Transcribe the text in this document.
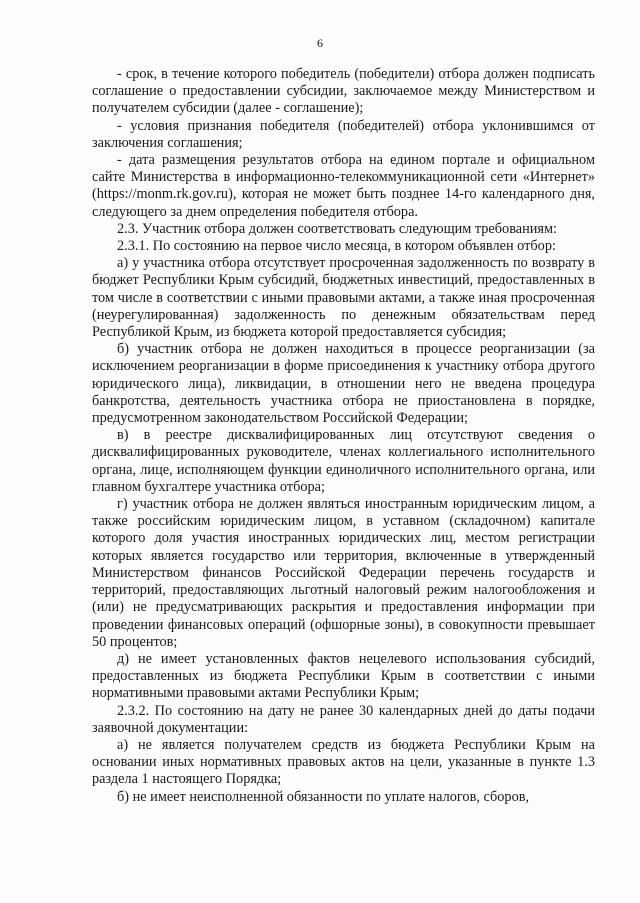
6

- срок, в течение которого победитель (победители) отбора должен подписать соглашение о предоставлении субсидии, заключаемое между Министерством и получателем субсидии (далее - соглашение);

- условия признания победителя (победителей) отбора уклонившимся от заключения соглашения;

- дата размещения результатов отбора на едином портале и официальном сайте Министерства в информационно-телекоммуникационной сети «Интернет» (https://monm.rk.gov.ru), которая не может быть позднее 14-го календарного дня, следующего за днем определения победителя отбора.

2.3. Участник отбора должен соответствовать следующим требованиям:

2.3.1. По состоянию на первое число месяца, в котором объявлен отбор:

а) у участника отбора отсутствует просроченная задолженность по возврату в бюджет Республики Крым субсидий, бюджетных инвестиций, предоставленных в том числе в соответствии с иными правовыми актами, а также иная просроченная (неурегулированная) задолженность по денежным обязательствам перед Республикой Крым, из бюджета которой предоставляется субсидия;

б) участник отбора не должен находиться в процессе реорганизации (за исключением реорганизации в форме присоединения к участнику отбора другого юридического лица), ликвидации, в отношении него не введена процедура банкротства, деятельность участника отбора не приостановлена в порядке, предусмотренном законодательством Российской Федерации;

в) в реестре дисквалифицированных лиц отсутствуют сведения о дисквалифицированных руководителе, членах коллегиального исполнительного органа, лице, исполняющем функции единоличного исполнительного органа, или главном бухгалтере участника отбора;

г) участник отбора не должен являться иностранным юридическим лицом, а также российским юридическим лицом, в уставном (складочном) капитале которого доля участия иностранных юридических лиц, местом регистрации которых является государство или территория, включенные в утвержденный Министерством финансов Российской Федерации перечень государств и территорий, предоставляющих льготный налоговый режим налогообложения и (или) не предусматривающих раскрытия и предоставления информации при проведении финансовых операций (офшорные зоны), в совокупности превышает 50 процентов;

д) не имеет установленных фактов нецелевого использования субсидий, предоставленных из бюджета Республики Крым в соответствии с иными нормативными правовыми актами Республики Крым;

2.3.2. По состоянию на дату не ранее 30 календарных дней до даты подачи заявочной документации:

а) не является получателем средств из бюджета Республики Крым на основании иных нормативных правовых актов на цели, указанные в пункте 1.3 раздела 1 настоящего Порядка;

б) не имеет неисполненной обязанности по уплате налогов, сборов,
